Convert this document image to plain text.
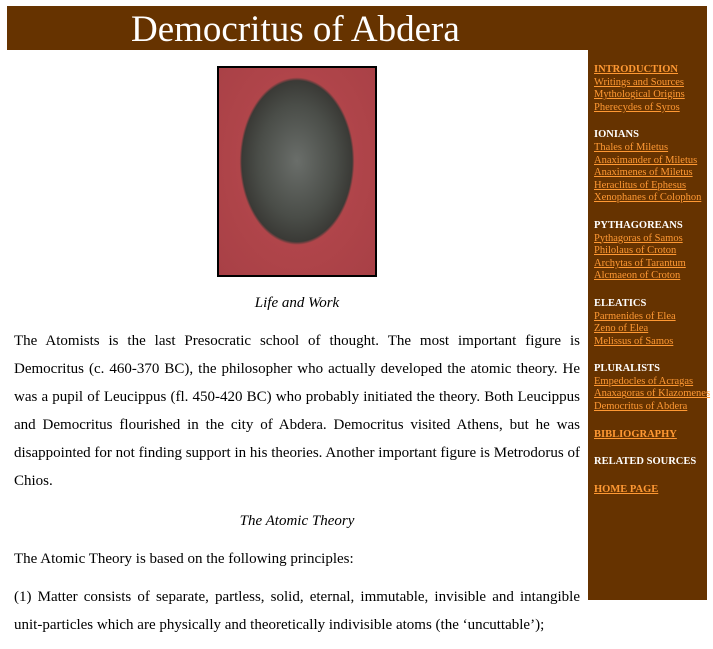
Democritus of Abdera
INTRODUCTION
Writings and Sources
Mythological Origins
Pherecydes of Syros
IONIANS
Thales of Miletus
Anaximander of Miletus
Anaximenes of Miletus
Heraclitus of Ephesus
Xenophanes of Colophon
PYTHAGOREANS
Pythagoras of Samos
Philolaus of Croton
Archytas of Tarantum
Alcmaeon of Croton
ELEATICS
Parmenides of Elea
Zeno of Elea
Melissus of Samos
PLURALISTS
Empedocles of Acragas
Anaxagoras of Klazomenes
Democritus of Abdera
BIBLIOGRAPHY
RELATED SOURCES
HOME PAGE
Life and Work

The Atomists is the last Presocratic school of thought. The most important figure is Democritus (c. 460-370 BC), the philosopher who actually developed the atomic theory. He was a pupil of Leucippus (fl. 450-420 BC) who probably initiated the theory. Both Leucippus and Democritus flourished in the city of Abdera. Democritus visited Athens, but he was disappointed for not finding support in his theories. Another important figure is Metrodorus of Chios.

The Atomic Theory

The Atomic Theory is based on the following principles:

(1) Matter consists of separate, partless, solid, eternal, immutable, invisible and intangible unit-particles which are physically and theoretically indivisible atoms (the ‘uncuttable’);
